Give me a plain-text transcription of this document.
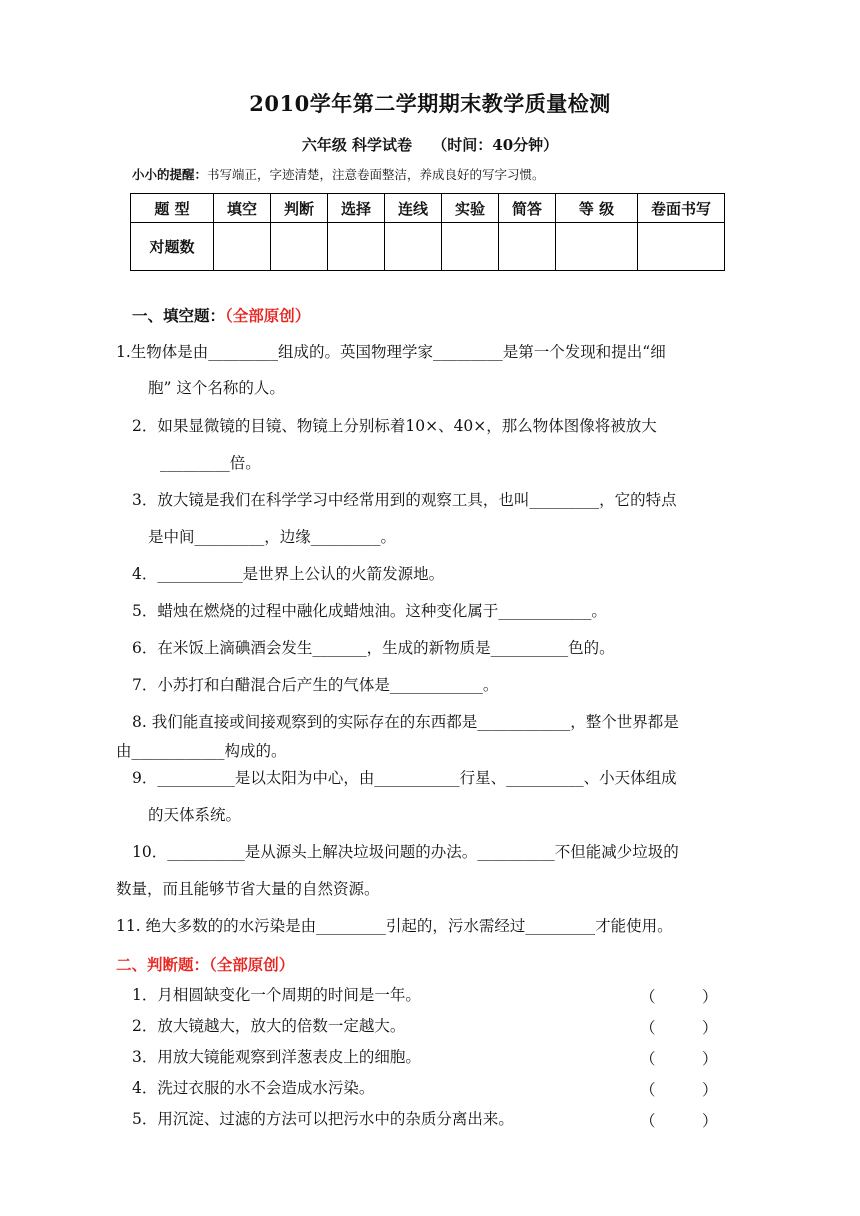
2010学年第二学期期末教学质量检测
六年级 科学试卷　 （时间：40分钟）
小小的提醒：书写端正，字迹清楚，注意卷面整洁，养成良好的写字习惯。
题 型	填空	判断	选择	连线	实验	简答	等 级	卷面书写
对题数								
一、填空题：（全部原创）
1.生物体是由_________组成的。英国物理学家_________是第一个发现和提出“细
胞” 这个名称的人。
2．如果显微镜的目镜、物镜上分别标着10×、40×，那么物体图像将被放大
_________倍。
3．放大镜是我们在科学学习中经常用到的观察工具，也叫_________，它的特点
是中间_________，边缘_________。
4．___________是世界上公认的火箭发源地。
5．蜡烛在燃烧的过程中融化成蜡烛油。这种变化属于____________。
6．在米饭上滴碘酒会发生_______，生成的新物质是__________色的。
7．小苏打和白醋混合后产生的气体是____________。
8. 我们能直接或间接观察到的实际存在的东西都是____________，整个世界都是
由____________构成的。
9．__________是以太阳为中心，由___________行星、__________、小天体组成
的天体系统。
10．__________是从源头上解决垃圾问题的办法。__________不但能减少垃圾的
数量，而且能够节省大量的自然资源。
11. 绝大多数的的水污染是由_________引起的，污水需经过_________才能使用。
二、判断题：（全部原创）
1．月相圆缺变化一个周期的时间是一年。	（　　　）
2．放大镜越大，放大的倍数一定越大。	（　　　）
3．用放大镜能观察到洋葱表皮上的细胞。	（　　　）
4．洗过衣服的水不会造成水污染。	（　　　）
5．用沉淀、过滤的方法可以把污水中的杂质分离出来。	（　　　）
